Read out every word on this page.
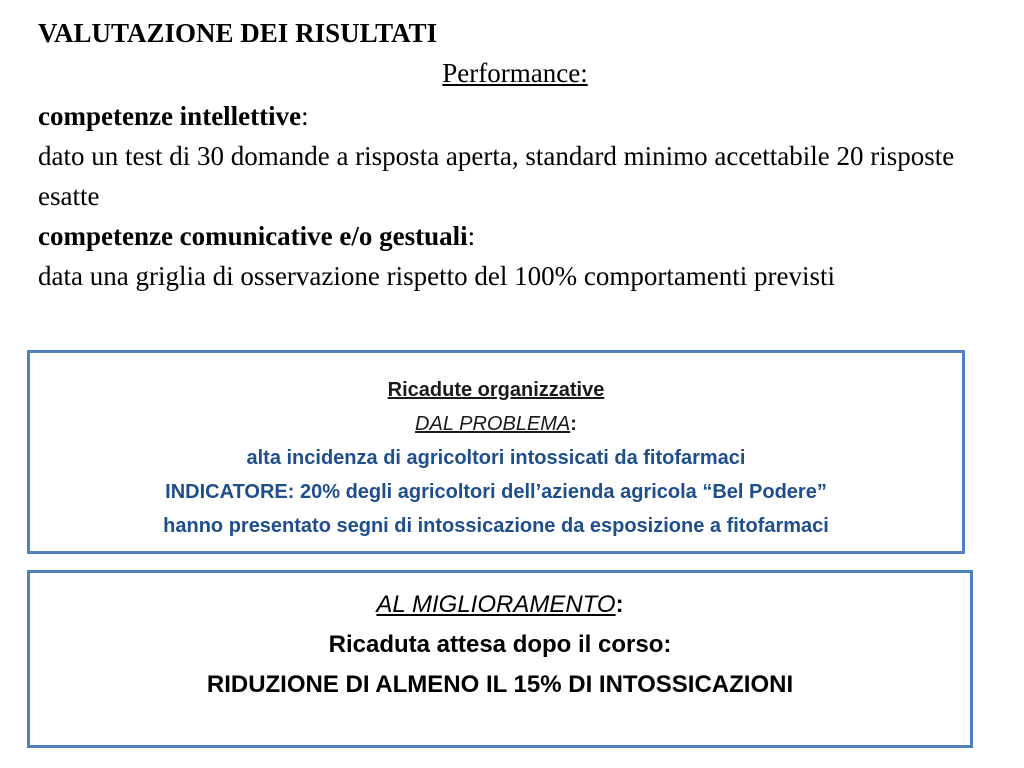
VALUTAZIONE DEI RISULTATI
Performance:

competenze intellettive:

dato un test di 30 domande a risposta aperta, standard minimo accettabile 20 risposte esatte

competenze comunicative e/o gestuali:

data una griglia di osservazione rispetto del 100% comportamenti previsti

Ricadute organizzative
DAL PROBLEMA:
alta incidenza di agricoltori intossicati da fitofarmaci
INDICATORE: 20% degli agricoltori dell’azienda agricola “Bel Podere”
hanno presentato segni di intossicazione da esposizione a fitofarmaci
AL MIGLIORAMENTO:
Ricaduta attesa dopo il corso:
RIDUZIONE DI ALMENO IL 15% DI INTOSSICAZIONI
